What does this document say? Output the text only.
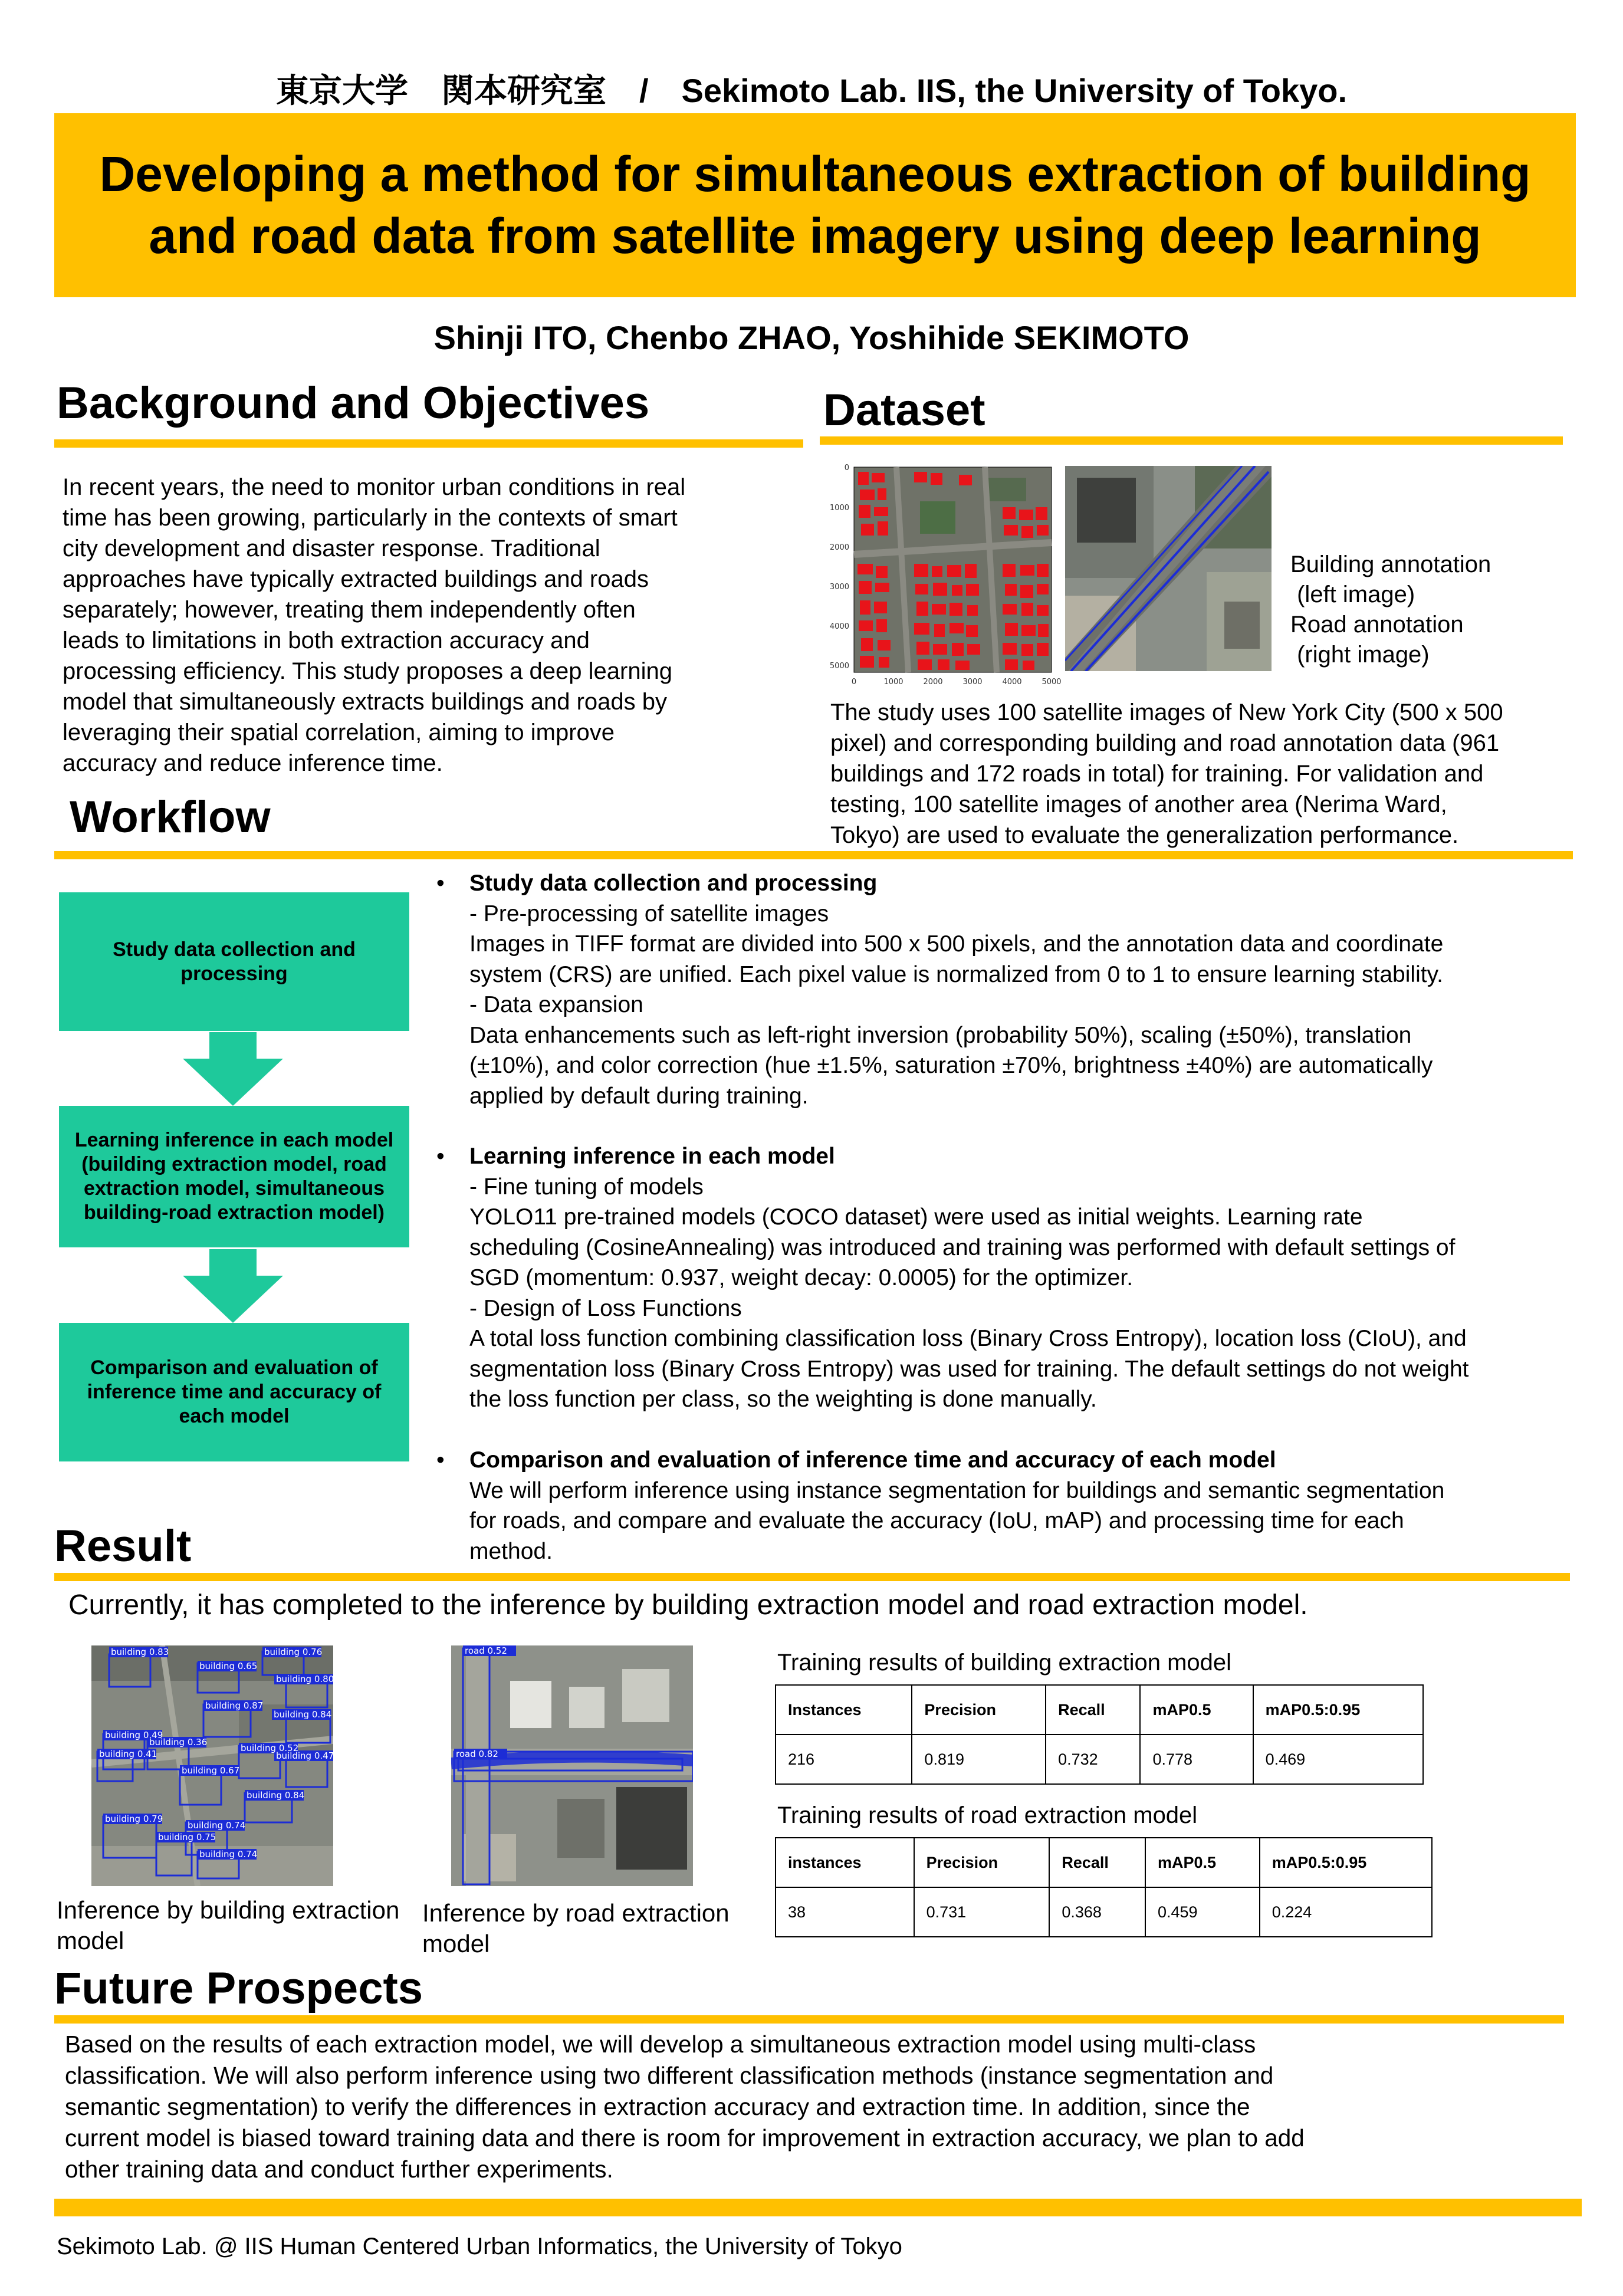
東京大学　関本研究室　/　Sekimoto Lab. IIS, the University of Tokyo.
Developing a method for simultaneous extraction of building
and road data from satellite imagery using deep learning
Shinji ITO, Chenbo ZHAO, Yoshihide SEKIMOTO
Background and Objectives
In recent years, the need to monitor urban conditions in real
time has been growing, particularly in the contexts of smart
city development and disaster response. Traditional
approaches have typically extracted buildings and roads
separately; however, treating them independently often
leads to limitations in both extraction accuracy and
processing efficiency. This study proposes a deep learning
model that simultaneously extracts buildings and roads by
leveraging their spatial correlation, aiming to improve
accuracy and reduce inference time.
Dataset
0
1000
2000
3000
4000
5000
0	1000	2000	3000	4000	5000
Building annotation
(left image)
Road annotation
(right image)
The study uses 100 satellite images of New York City (500 x 500
pixel) and corresponding building and road annotation data (961
buildings and 172 roads in total) for training. For validation and
testing, 100 satellite images of another area (Nerima Ward,
Tokyo) are used to evaluate the generalization performance.
Workflow
Study data collection and processing
Learning inference in each model (building extraction model, road extraction model, simultaneous building-road extraction model)
Comparison and evaluation of inference time and accuracy of each model
• Study data collection and processing
- Pre-processing of satellite images
Images in TIFF format are divided into 500 x 500 pixels, and the annotation data and coordinate
system (CRS) are unified. Each pixel value is normalized from 0 to 1 to ensure learning stability.
- Data expansion
Data enhancements such as left-right inversion (probability 50%), scaling (±50%), translation
(±10%), and color correction (hue ±1.5%, saturation ±70%, brightness ±40%) are automatically
applied by default during training.
• Learning inference in each model
- Fine tuning of models
YOLO11 pre-trained models (COCO dataset) were used as initial weights. Learning rate
scheduling (CosineAnnealing) was introduced and training was performed with default settings of
SGD (momentum: 0.937, weight decay: 0.0005) for the optimizer.
- Design of Loss Functions
A total loss function combining classification loss (Binary Cross Entropy), location loss (CIoU), and
segmentation loss (Binary Cross Entropy) was used for training. The default settings do not weight
the loss function per class, so the weighting is done manually.
• Comparison and evaluation of inference time and accuracy of each model
We will perform inference using instance segmentation for buildings and semantic segmentation
for roads, and compare and evaluate the accuracy (IoU, mAP) and processing time for each
method.
Result
Currently, it has completed to the inference by building extraction model and road extraction model.
building 0.83
building 0.65
building 0.76
building 0.80
building 0.87
building 0.84
building 0.49
building 0.36
building 0.41
building 0.52
building 0.47
building 0.67
building 0.84
building 0.79
building 0.74
building 0.75
building 0.74
road 0.52
road 0.82
Inference by building extraction
model
Inference by road extraction
model
Training results of building extraction model
Instances	Precision	Recall	mAP0.5	mAP0.5:0.95
216	0.819	0.732	0.778	0.469
Training results of road extraction model
instances	Precision	Recall	mAP0.5	mAP0.5:0.95
38	0.731	0.368	0.459	0.224
Future Prospects
Based on the results of each extraction model, we will develop a simultaneous extraction model using multi-class
classification. We will also perform inference using two different classification methods (instance segmentation and
semantic segmentation) to verify the differences in extraction accuracy and extraction time. In addition, since the
current model is biased toward training data and there is room for improvement in extraction accuracy, we plan to add
other training data and conduct further experiments.
Sekimoto Lab. @ IIS Human Centered Urban Informatics, the University of Tokyo
